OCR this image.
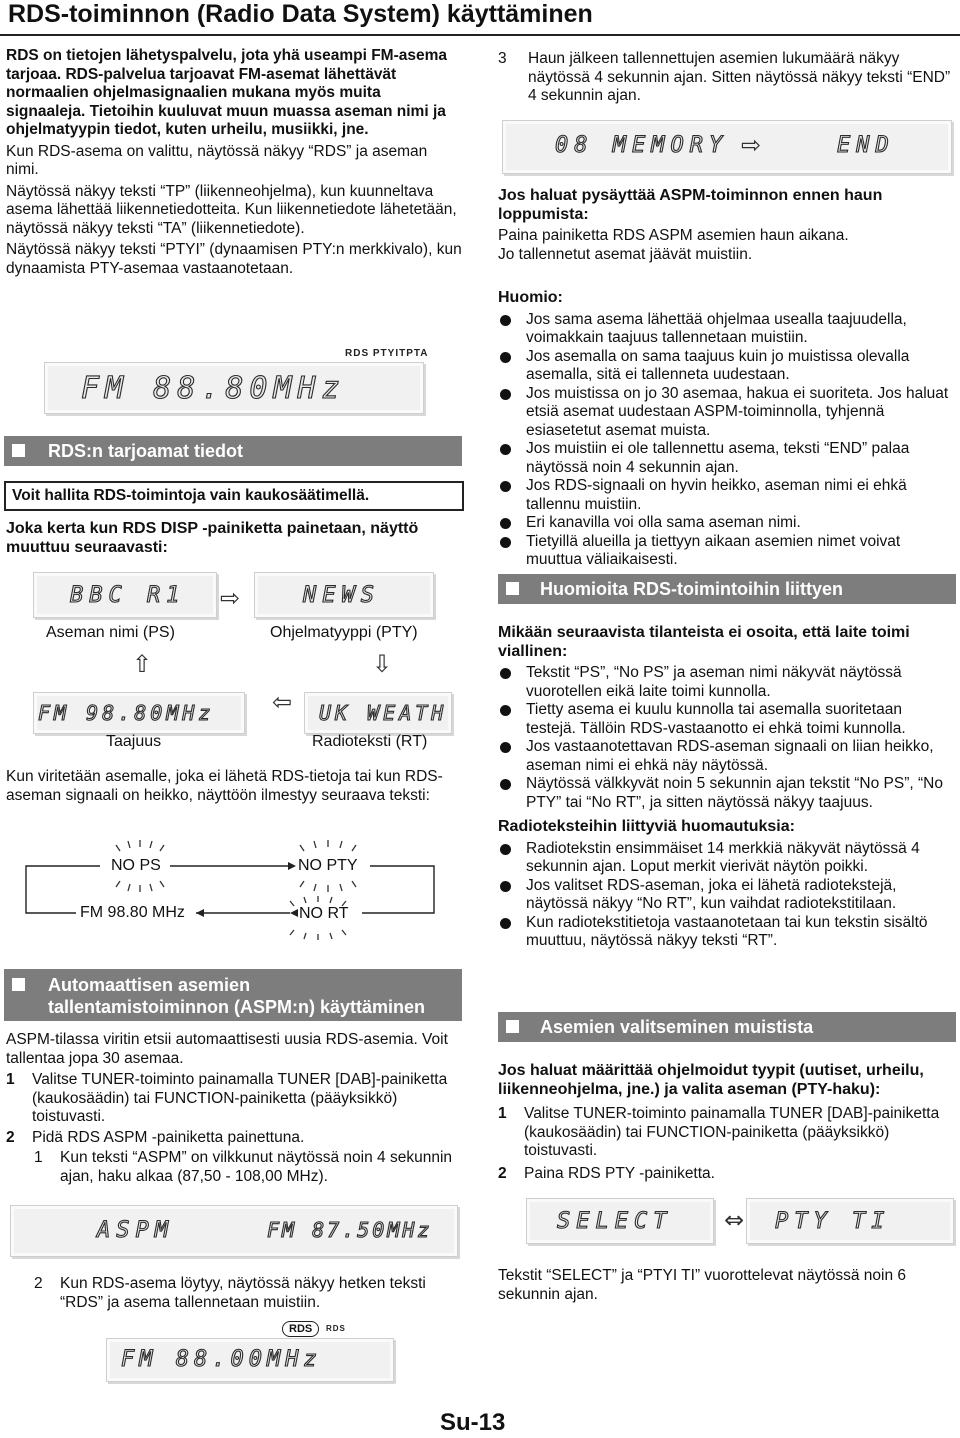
RDS-toiminnon (Radio Data System) käyttäminen

RDS on tietojen lähetyspalvelu, jota yhä useampi FM-asema tarjoaa. RDS-palvelua tarjoavat FM-asemat lähettävät normaalien ohjelmasignaalien mukana myös muita signaaleja. Tietoihin kuuluvat muun muassa aseman nimi ja ohjelmatyypin tiedot, kuten urheilu, musiikki, jne.

Kun RDS-asema on valittu, näytössä näkyy “RDS” ja aseman nimi.

Näytössä näkyy teksti “TP” (liikenneohjelma), kun kuunneltava asema lähettää liikennetiedotteita. Kun liikennetiedote lähetetään, näytössä näkyy teksti “TA” (liikennetiedote).

Näytössä näkyy teksti “PTYI” (dynaamisen PTY:n merkkivalo), kun dynaamista PTY-asemaa vastaanotetaan.

RDS PTYITPTA
FM 88.80MHz
RDS:n tarjoamat tiedot
Voit hallita RDS-toimintoja vain kaukosäätimellä.
Joka kerta kun RDS DISP -painiketta painetaan, näyttö muuttuu seuraavasti:
BBC R1 ⇨	NEWS
Aseman nimi (PS)	Ohjelmatyyppi (PTY)
⇧	⇩
FM 98.80MHz ⇦ UK WEATH
Taajuus	Radioteksti (RT)
Kun viritetään asemalle, joka ei lähetä RDS-tietoja tai kun RDS-aseman signaali on heikko, näyttöön ilmestyy seuraava teksti:
NO PS	NO PTY
FM 98.80 MHz	NO RT
Automaattisen asemien
tallentamistoiminnon (ASPM:n) käyttäminen

ASPM-tilassa viritin etsii automaattisesti uusia RDS-asemia. Voit tallentaa jopa 30 asemaa.

1 Valitse TUNER-toiminto painamalla TUNER [DAB]-painiketta (kaukosäädin) tai FUNCTION-painiketta (pääyksikkö) toistuvasti.
2 Pidä RDS ASPM -painiketta painettuna.
1 Kun teksti “ASPM” on vilkkunut näytössä noin 4 sekunnin ajan, haku alkaa (87,50 - 108,00 MHz).
ASPM	FM 87.50MHz
2 Kun RDS-asema löytyy, näytössä näkyy hetken teksti “RDS” ja asema tallennetaan muistiin.
RDS	RDS
FM 88.00MHz
3 Haun jälkeen tallennettujen asemien lukumäärä näkyy näytössä 4 sekunnin ajan. Sitten näytössä näkyy teksti “END” 4 sekunnin ajan.
08 MEMORY ⇨	END

Jos haluat pysäyttää ASPM-toiminnon ennen haun loppumista:

Paina painiketta RDS ASPM asemien haun aikana.
Jo tallennetut asemat jäävät muistiin.

Huomio:

Jos sama asema lähettää ohjelmaa usealla taajuudella, voimakkain taajuus tallennetaan muistiin.
Jos asemalla on sama taajuus kuin jo muistissa olevalla asemalla, sitä ei tallenneta uudestaan.
Jos muistissa on jo 30 asemaa, hakua ei suoriteta. Jos haluat etsiä asemat uudestaan ASPM-toiminnolla, tyhjennä esiasetetut asemat muista.
Jos muistiin ei ole tallennettu asema, teksti “END” palaa näytössä noin 4 sekunnin ajan.
Jos RDS-signaali on hyvin heikko, aseman nimi ei ehkä tallennu muistiin.
Eri kanavilla voi olla sama aseman nimi.
Tietyillä alueilla ja tiettyyn aikaan asemien nimet voivat muuttua väliaikaisesti.
Huomioita RDS-toimintoihin liittyen

Mikään seuraavista tilanteista ei osoita, että laite toimi viallinen:

Tekstit “PS”, “No PS” ja aseman nimi näkyvät näytössä vuorotellen eikä laite toimi kunnolla.
Tietty asema ei kuulu kunnolla tai asemalla suoritetaan testejä. Tällöin RDS-vastaanotto ei ehkä toimi kunnolla.
Jos vastaanotettavan RDS-aseman signaali on liian heikko, aseman nimi ei ehkä näy näytössä.
Näytössä välkkyvät noin 5 sekunnin ajan tekstit “No PS”, “No PTY” tai “No RT”, ja sitten näytössä näkyy taajuus.

Radioteksteihin liittyviä huomautuksia:

Radiotekstin ensimmäiset 14 merkkiä näkyvät näytössä 4 sekunnin ajan. Loput merkit vierivät näytön poikki.
Jos valitset RDS-aseman, joka ei lähetä radiotekstejä, näytössä näkyy “No RT”, kun vaihdat radiotekstitilaan.
Kun radiotekstitietoja vastaanotetaan tai kun tekstin sisältö muuttuu, näytössä näkyy teksti “RT”.
Asemien valitseminen muistista

Jos haluat määrittää ohjelmoidut tyypit (uutiset, urheilu, liikenneohjelma, jne.) ja valita aseman (PTY-haku):

1 Valitse TUNER-toiminto painamalla TUNER [DAB]-painiketta (kaukosäädin) tai FUNCTION-painiketta (pääyksikkö) toistuvasti.
2 Paina RDS PTY -painiketta.
SELECT ⇔ PTY TI
Tekstit “SELECT” ja “PTYI TI” vuorottelevat näytössä noin 6 sekunnin ajan.
Su-13
